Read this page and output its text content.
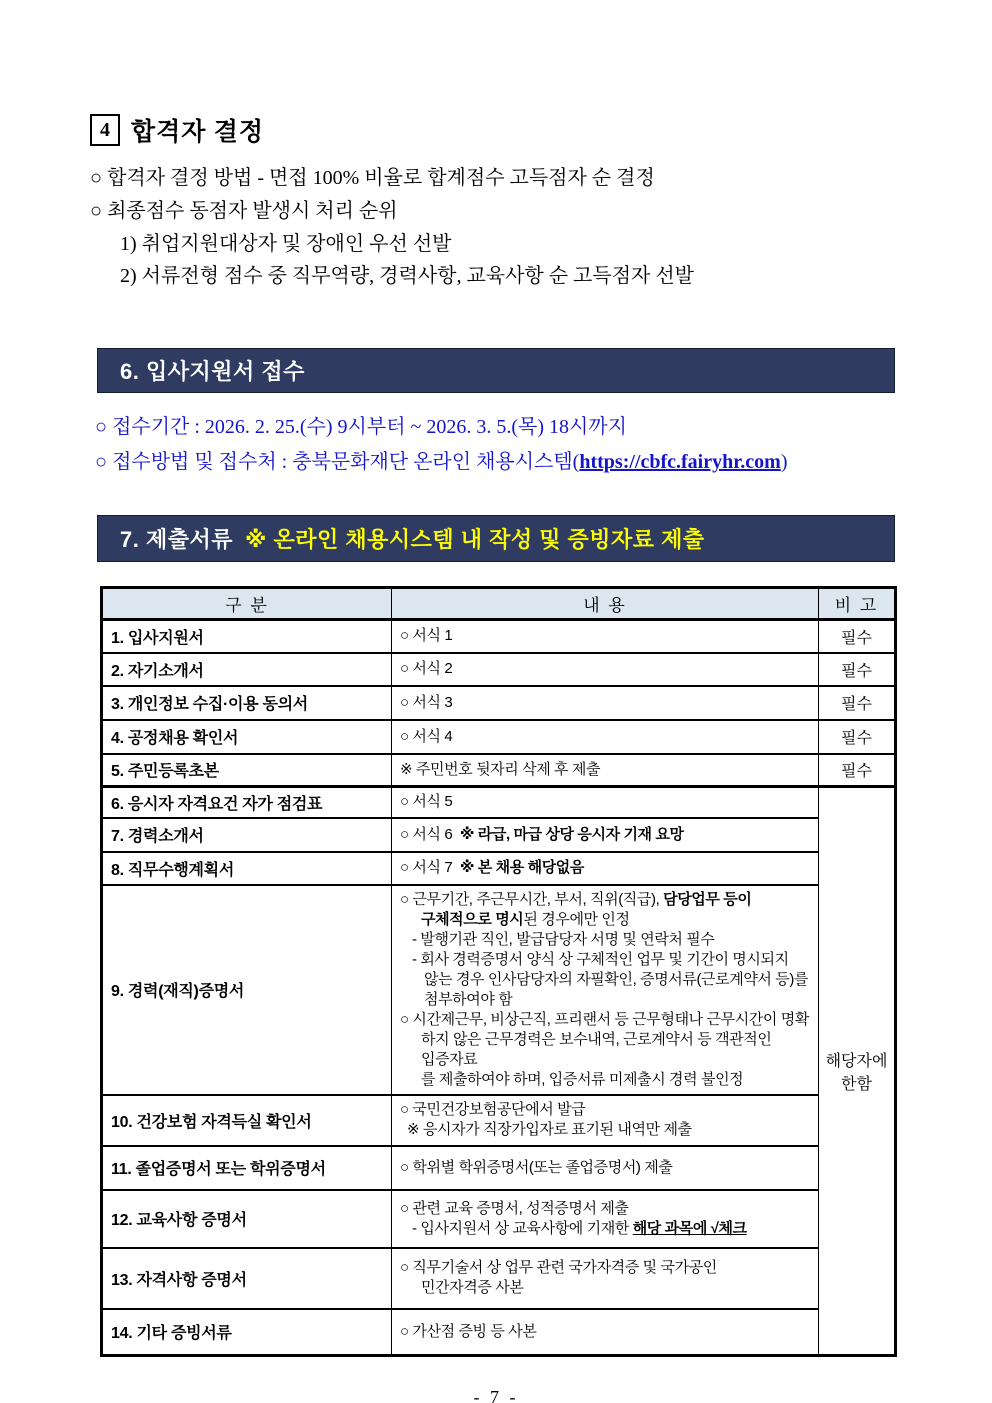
4 합격자 결정
○ 합격자 결정 방법 - 면접 100% 비율로 합계점수 고득점자 순 결정
○ 최종점수 동점자 발생시 처리 순위
1) 취업지원대상자 및 장애인 우선 선발
2) 서류전형 점수 중 직무역량, 경력사항, 교육사항 순 고득점자 선발
6. 입사지원서 접수
○ 접수기간 : 2026. 2. 25.(수) 9시부터 ~ 2026. 3. 5.(목) 18시까지
○ 접수방법 및 접수처 : 충북문화재단 온라인 채용시스템(https://cbfc.fairyhr.com)
7. 제출서류 ※ 온라인 채용시스템 내 작성 및 증빙자료 제출
구 분	내 용	비 고
1. 입사지원서	○ 서식 1	필수
2. 자기소개서	○ 서식 2	필수
3. 개인정보 수집·이용 동의서	○ 서식 3	필수
4. 공정채용 확인서	○ 서식 4	필수
5. 주민등록초본	※ 주민번호 뒷자리 삭제 후 제출	필수
6. 응시자 자격요건 자가 점검표	○ 서식 5	해당자에 한함
7. 경력소개서	○ 서식 6  ※ 라급, 마급 상당 응시자 기재 요망	

8. 직무수행계획서	○ 서식 7  ※ 본 채용 해당없음	

9. 경력(재직)증명서	
○ 근무기간, 주근무시간, 부서, 직위(직급), 담당업무 등이
구체적으로 명시된 경우에만 인정
- 발행기관 직인, 발급담당자 서명 및 연락처 필수
- 회사 경력증명서 양식 상 구체적인 업무 및 기간이 명시되지
않는 경우 인사담당자의 자필확인, 증명서류(근로계약서 등)를
첨부하여야 함
○ 시간제근무, 비상근직, 프리랜서 등 근무형태나 근무시간이 명확
하지 않은 근무경력은 보수내역, 근로계약서 등 객관적인 입증자료
를 제출하여야 하며, 입증서류 미제출시 경력 불인정

10. 건강보험 자격득실 확인서	○ 국민건강보험공단에서 발급
※ 응시자가 직장가입자로 표기된 내역만 제출	

11. 졸업증명서 또는 학위증명서	○ 학위별 학위증명서(또는 졸업증명서) 제출	

12. 교육사항 증명서	○ 관련 교육 증명서, 성적증명서 제출
- 입사지원서 상 교육사항에 기재한 해당 과목에 √체크	

13. 자격사항 증명서	○ 직무기술서 상 업무 관련 국가자격증 및 국가공인
민간자격증 사본	

14. 기타 증빙서류	○ 가산점 증빙 등 사본	
- 7 -
